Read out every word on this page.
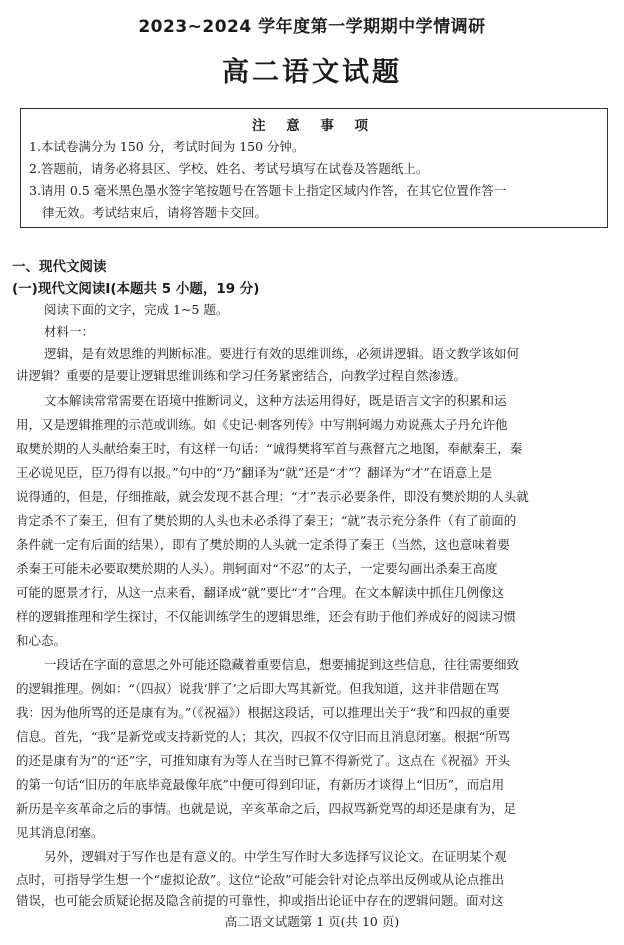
2023~2024 学年度第一学期期中学情调研
高二语文试题
注 意 事 项
1.本试卷满分为 150 分，考试时间为 150 分钟。
2.答题前，请务必将县区、学校、姓名、考试号填写在试卷及答题纸上。
3.请用 0.5 毫米黑色墨水签字笔按题号在答题卡上指定区域内作答，在其它位置作答一
律无效。考试结束后，请将答题卡交回。
一、现代文阅读
(一)现代文阅读Ⅰ(本题共 5 小题，19 分)
阅读下面的文字，完成 1~5 题。
材料一：
逻辑，是有效思维的判断标准。要进行有效的思维训练，必须讲逻辑。语文教学该如何
讲逻辑？重要的是要让逻辑思维训练和学习任务紧密结合，向教学过程自然渗透。
文本解读常常需要在语境中推断词义，这种方法运用得好，既是语言文字的积累和运
用，又是逻辑推理的示范或训练。如《史记·刺客列传》中写荆轲竭力劝说燕太子丹允许他
取樊於期的人头献给秦王时，有这样一句话：“诚得樊将军首与燕督亢之地图，奉献秦王，秦
王必说见臣，臣乃得有以报。”句中的“乃”翻译为“就”还是“才”？翻译为“才”在语意上是
说得通的，但是，仔细推敲，就会发现不甚合理：“才”表示必要条件，即没有樊於期的人头就
肯定杀不了秦王，但有了樊於期的人头也未必杀得了秦王；“就”表示充分条件（有了前面的
条件就一定有后面的结果），即有了樊於期的人头就一定杀得了秦王（当然，这也意味着要
杀秦王可能未必要取樊於期的人头）。荆轲面对“不忍”的太子，一定要勾画出杀秦王高度
可能的愿景才行，从这一点来看，翻译成“就”要比“才”合理。在文本解读中抓住几例像这
样的逻辑推理和学生探讨，不仅能训练学生的逻辑思维，还会有助于他们养成好的阅读习惯
和心态。
一段话在字面的意思之外可能还隐藏着重要信息，想要捕捉到这些信息，往往需要细致
的逻辑推理。例如：“（四叔）说我‘胖了’之后即大骂其新党。但我知道，这并非借题在骂
我：因为他所骂的还是康有为。”（《祝福》）根据这段话，可以推理出关于“我”和四叔的重要
信息。首先，“我”是新党或支持新党的人；其次，四叔不仅守旧而且消息闭塞。根据“所骂
的还是康有为”的“还”字，可推知康有为等人在当时已算不得新党了。这点在《祝福》开头
的第一句话“旧历的年底毕竟最像年底”中便可得到印证，有新历才谈得上“旧历”，而启用
新历是辛亥革命之后的事情。也就是说，辛亥革命之后，四叔骂新党骂的却还是康有为，足
见其消息闭塞。
另外，逻辑对于写作也是有意义的。中学生写作时大多选择写议论文。在证明某个观
点时，可指导学生想一个“虚拟论敌”。这位“论敌”可能会针对论点举出反例或从论点推出
错误，也可能会质疑论据及隐含前提的可靠性，抑或指出论证中存在的逻辑问题。面对这
高二语文试题第 1 页(共 10 页)
